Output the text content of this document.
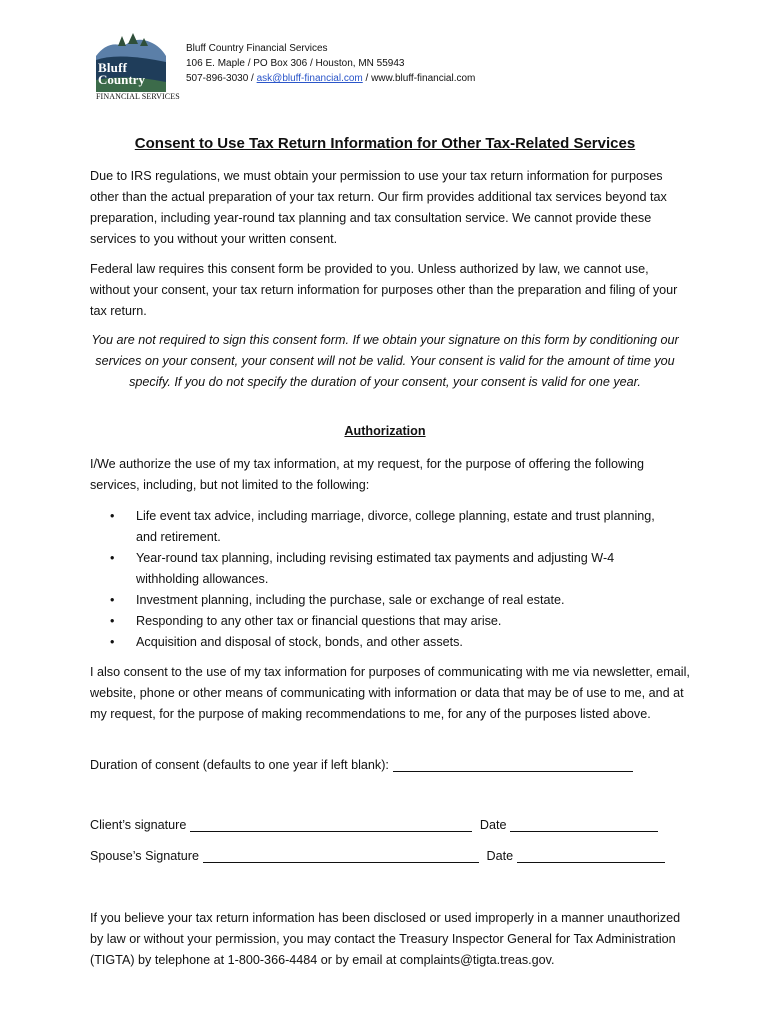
Bluff
Country
FINANCIAL SERVICES
Bluff Country Financial Services
106 E. Maple / PO Box 306 / Houston, MN 55943
507-896-3030 / ask@bluff-financial.com / www.bluff-financial.com
Consent to Use Tax Return Information for Other Tax-Related Services
Due to IRS regulations, we must obtain your permission to use your tax return information for purposes other than the actual preparation of your tax return. Our firm provides additional tax services beyond tax preparation, including year-round tax planning and tax consultation service. We cannot provide these services to you without your written consent.
Federal law requires this consent form be provided to you. Unless authorized by law, we cannot use, without your consent, your tax return information for purposes other than the preparation and filing of your tax return.
You are not required to sign this consent form. If we obtain your signature on this form by conditioning our services on your consent, your consent will not be valid. Your consent is valid for the amount of time you specify. If you do not specify the duration of your consent, your consent is valid for one year.
Authorization
I/We authorize the use of my tax information, at my request, for the purpose of offering the following services, including, but not limited to the following:
• Life event tax advice, including marriage, divorce, college planning, estate and trust planning, and retirement.
• Year-round tax planning, including revising estimated tax payments and adjusting W-4 withholding allowances.
• Investment planning, including the purchase, sale or exchange of real estate.
• Responding to any other tax or financial questions that may arise.
• Acquisition and disposal of stock, bonds, and other assets.
I also consent to the use of my tax information for purposes of communicating with me via newsletter, email, website, phone or other means of communicating with information or data that may be of use to me, and at my request, for the purpose of making recommendations to me, for any of the purposes listed above.
Duration of consent (defaults to one year if left blank):
Client’s signature	Date
Spouse’s Signature	Date
If you believe your tax return information has been disclosed or used improperly in a manner unauthorized by law or without your permission, you may contact the Treasury Inspector General for Tax Administration (TIGTA) by telephone at 1-800-366-4484 or by email at complaints@tigta.treas.gov.
